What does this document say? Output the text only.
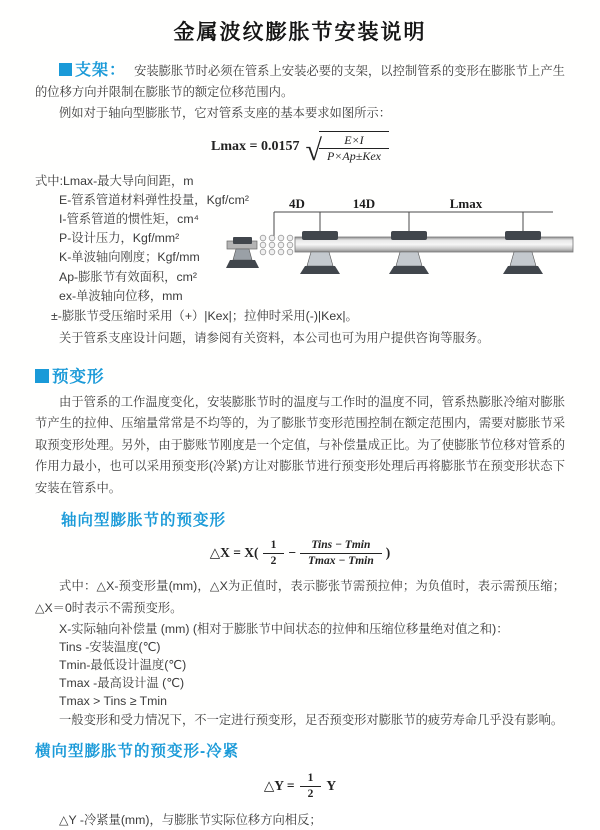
金属波纹膨胀节安装说明

支架： 安装膨胀节时必须在管系上安装必要的支架，以控制管系的变形在膨胀节上产生的位移方向并限制在膨胀节的额定位移范围内。

例如对于轴向型膨胀节，它对管系支座的基本要求如图所示：

Lmax = 0.0157 √
$\frac{E\times I}{\text{P×Ap±Kex}}$

式中:Lmax-最大导向间距，m

E-管系管道材料弹性投量，Kgf/cm²

I-管系管道的惯性矩，cm⁴

P-设计压力，Kgf/mm²

K-单波轴向刚度；Kgf/mm

Ap-膨胀节有效面积，cm²

ex-单波轴向位移，mm

±-膨胀节受压缩时采用（+）|Kex|；拉伸时采用(-)|Kex|。

关于管系支座设计问题，请参阅有关资料，本公司也可为用户提供咨询等服务。

4D	14D	Lmax
预变形

由于管系的工作温度变化，安装膨胀节时的温度与工作时的温度不同，管系热膨胀冷缩对膨胀节产生的拉伸、压缩量常常是不均等的，为了膨胀节变形范围控制在额定范围内，需要对膨胀节采取预变形处理。另外，由于膨账节刚度是一个定值，与补偿量成正比。为了使膨胀节位移对管系的作用力最小，也可以采用预变形(冷紧)方让对膨胀节进行预变形处理后再将膨胀节在预变形状态下安装在管系中。

轴向型膨胀节的预变形
△X = $X( \frac{1}{2} - \frac{\text{Tins − Tmin}}{Tmax - Tmin}$ )

式中：△X-预变形量(mm)，△X为正值时，表示膨张节需预拉伸；为负值时，表示需预压缩；△X＝0时表示不需预变形。

X-实际轴向补偿量 (mm) (相对于膨胀节中间状态的拉伸和压缩位移量绝对值之和)：

Tins -安装温度(℃)

Tmin-最低设计温度(℃)

Tmax -最高设计温 (℃)

Tmax > Tins ≥ Tmin

一般变形和受力情况下，不一定进行预变形，足否预变形对膨胀节的疲劳寿命几乎没有影响。

横向型膨胀节的预变形-冷紧
△Y = $\frac{1}{2}$ Y

△Y -冷紧量(mm)，与膨胀节实际位移方向相反；
